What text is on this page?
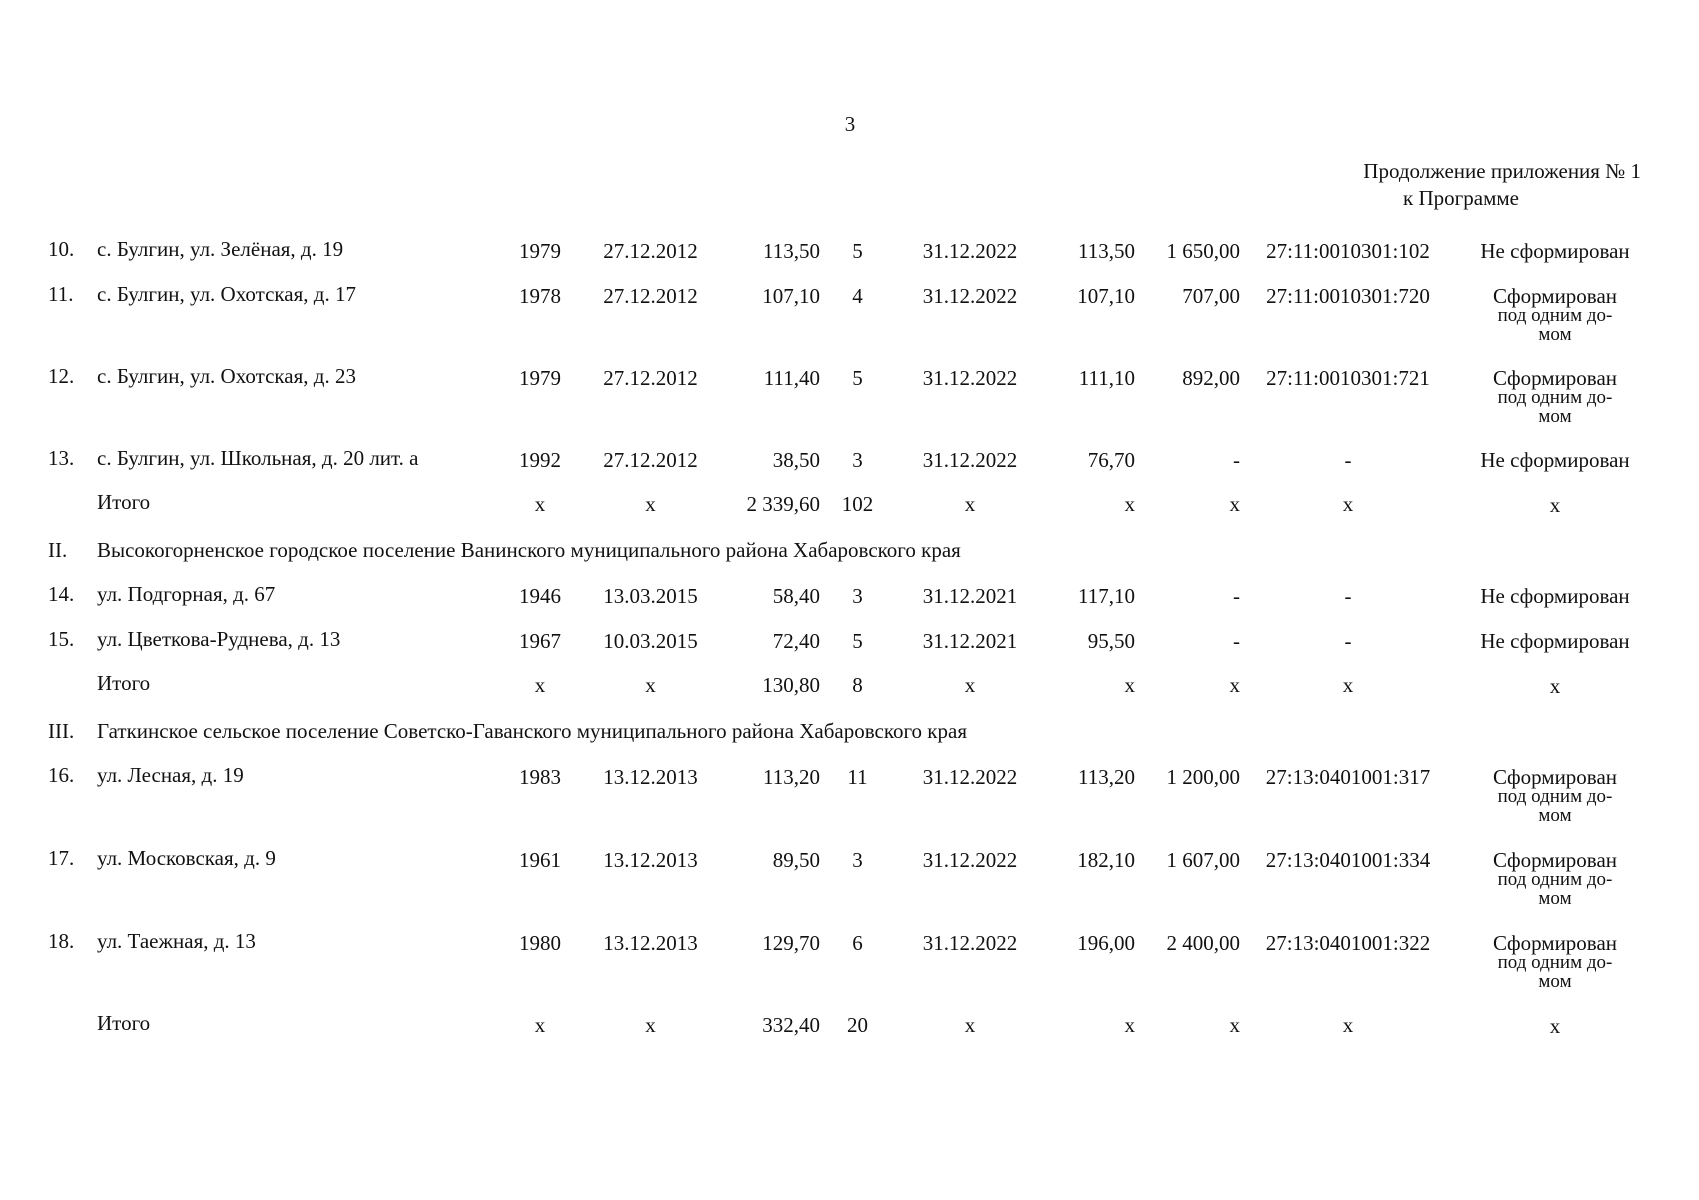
3
Продолжение приложения № 1
к Программе
10.	с. Булгин, ул. Зелёная, д. 19	1979	27.12.2012	113,50	5	31.12.2022	113,50	1 650,00	27:11:0010301:102	Не сформирован
11.	с. Булгин, ул. Охотская, д. 17	1978	27.12.2012	107,10	4	31.12.2022	107,10	707,00	27:11:0010301:720	Сформирован
под одним до-
мом
12.	с. Булгин, ул. Охотская, д. 23	1979	27.12.2012	111,40	5	31.12.2022	111,10	892,00	27:11:0010301:721	Сформирован
под одним до-
мом
13.	с. Булгин, ул. Школьная, д. 20 лит. а	1992	27.12.2012	38,50	3	31.12.2022	76,70	-	-	Не сформирован
Итого	х	х	2 339,60	102	х	х	х	х	х
II.	Высокогорненское городское поселение Ванинского муниципального района Хабаровского края
14.	ул. Подгорная, д. 67	1946	13.03.2015	58,40	3	31.12.2021	117,10	-	-	Не сформирован
15.	ул. Цветкова-Руднева, д. 13	1967	10.03.2015	72,40	5	31.12.2021	95,50	-	-	Не сформирован
Итого	х	х	130,80	8	х	х	х	х	х
III.	Гаткинское сельское поселение Советско-Гаванского муниципального района Хабаровского края
16.	ул. Лесная, д. 19	1983	13.12.2013	113,20	11	31.12.2022	113,20	1 200,00	27:13:0401001:317	Сформирован
под одним до-
мом
17.	ул. Московская, д. 9	1961	13.12.2013	89,50	3	31.12.2022	182,10	1 607,00	27:13:0401001:334	Сформирован
под одним до-
мом
18.	ул. Таежная, д. 13	1980	13.12.2013	129,70	6	31.12.2022	196,00	2 400,00	27:13:0401001:322	Сформирован
под одним до-
мом
Итого	х	х	332,40	20	х	х	х	х	х
